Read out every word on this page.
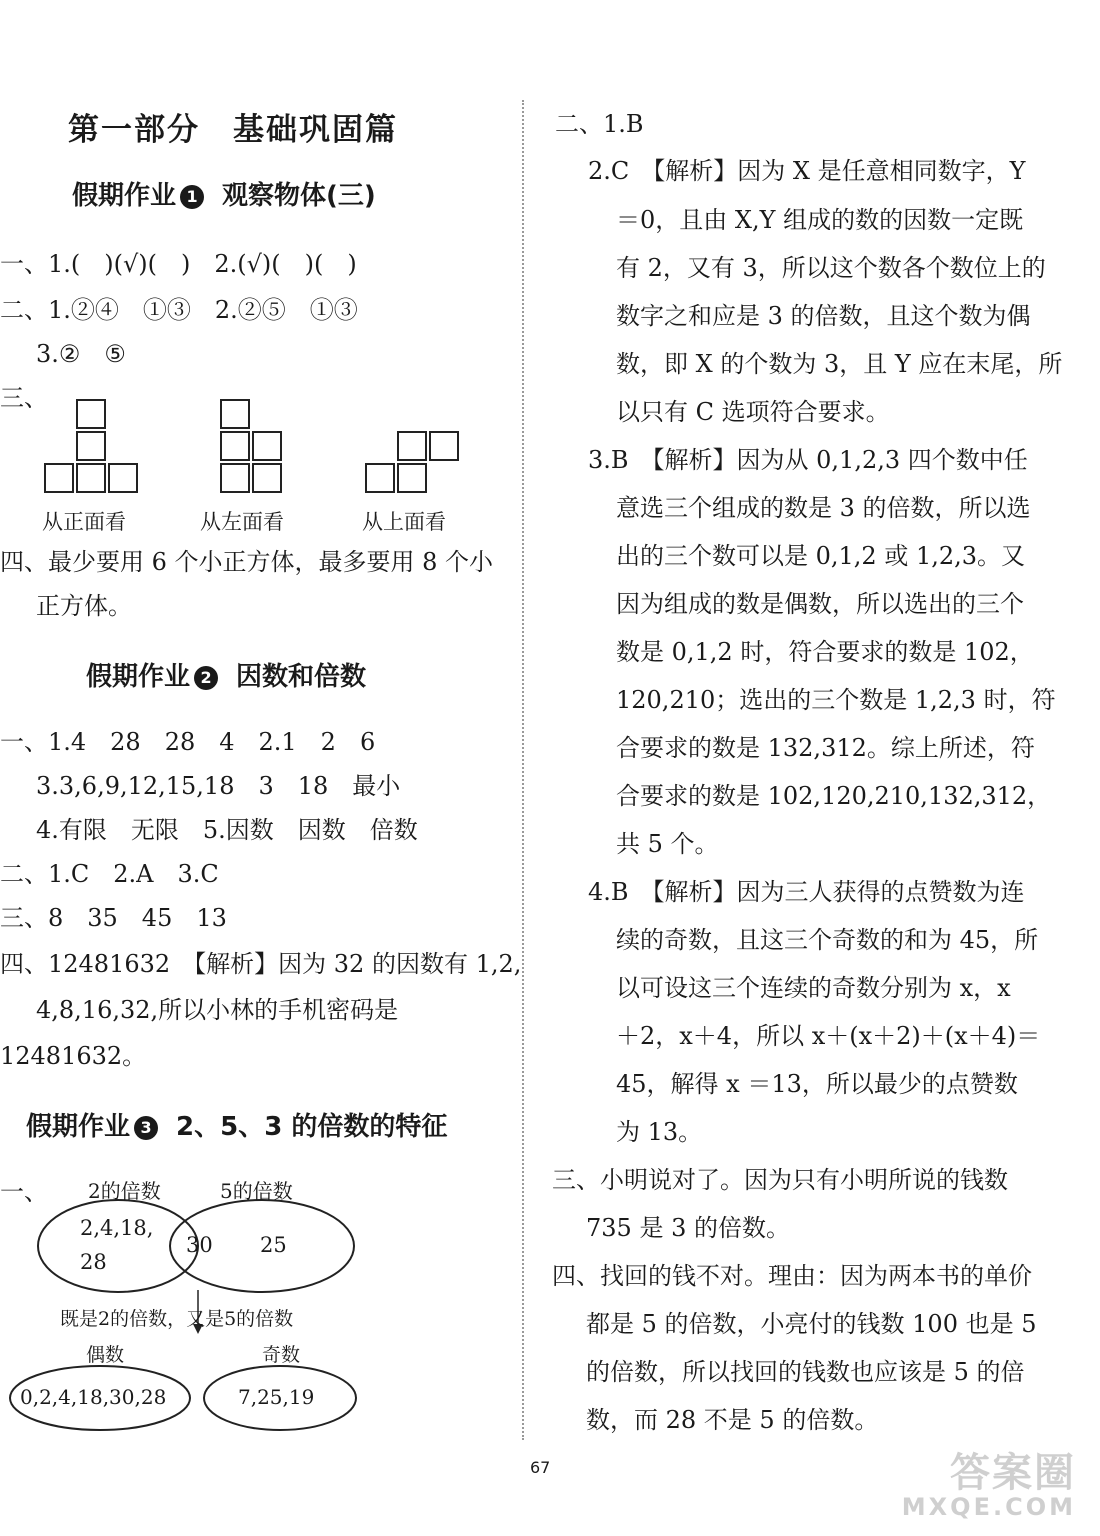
第一部分　基础巩固篇
假期作业 1 观察物体(三)
一、1.(　)(√)(　)　2.(√)(　)(　)
二、1.②④　①③　2.②⑤　①③
3.②　⑤
三、
从正面看	从左面看	从上面看
四、最少要用 6 个小正方体，最多要用 8 个小
正方体。
假期作业 2 因数和倍数
一、1.4　28　28　4　2.1　2　6
3.3,6,9,12,15,18　3　18　最小
4.有限　无限　5.因数　因数　倍数
二、1.C　2.A　3.C
三、8　35　45　13
四、12481632　【解析】因为 32 的因数有 1,2,
4,8,16,32,所以小林的手机密码是
12481632。
假期作业 3 2、5、3 的倍数的特征
一、 2的倍数	5的倍数
2,4,18,
28
30 25
既是2的倍数，又是5的倍数
偶数	奇数
0,2,4,18,30,28	7,25,19
二、1.B
2.C　【解析】因为 X 是任意相同数字，Y
＝0，且由 X,Y 组成的数的因数一定既
有 2，又有 3，所以这个数各个数位上的
数字之和应是 3 的倍数，且这个数为偶
数，即 X 的个数为 3，且 Y 应在末尾，所
以只有 C 选项符合要求。
3.B　【解析】因为从 0,1,2,3 四个数中任
意选三个组成的数是 3 的倍数，所以选
出的三个数可以是 0,1,2 或 1,2,3。又
因为组成的数是偶数，所以选出的三个
数是 0,1,2 时，符合要求的数是 102，
120,210；选出的三个数是 1,2,3 时，符
合要求的数是 132,312。综上所述，符
合要求的数是 102,120,210,132,312，
共 5 个。
4.B　【解析】因为三人获得的点赞数为连
续的奇数，且这三个奇数的和为 45，所
以可设这三个连续的奇数分别为 x，x
＋2，x＋4，所以 x＋(x＋2)＋(x＋4)＝
45，解得 x ＝13，所以最少的点赞数
为 13。
三、小明说对了。因为只有小明所说的钱数
735 是 3 的倍数。
四、找回的钱不对。理由：因为两本书的单价
都是 5 的倍数，小亮付的钱数 100 也是 5
的倍数，所以找回的钱数也应该是 5 的倍
数，而 28 不是 5 的倍数。
67	答案圈
MXQE.COM
